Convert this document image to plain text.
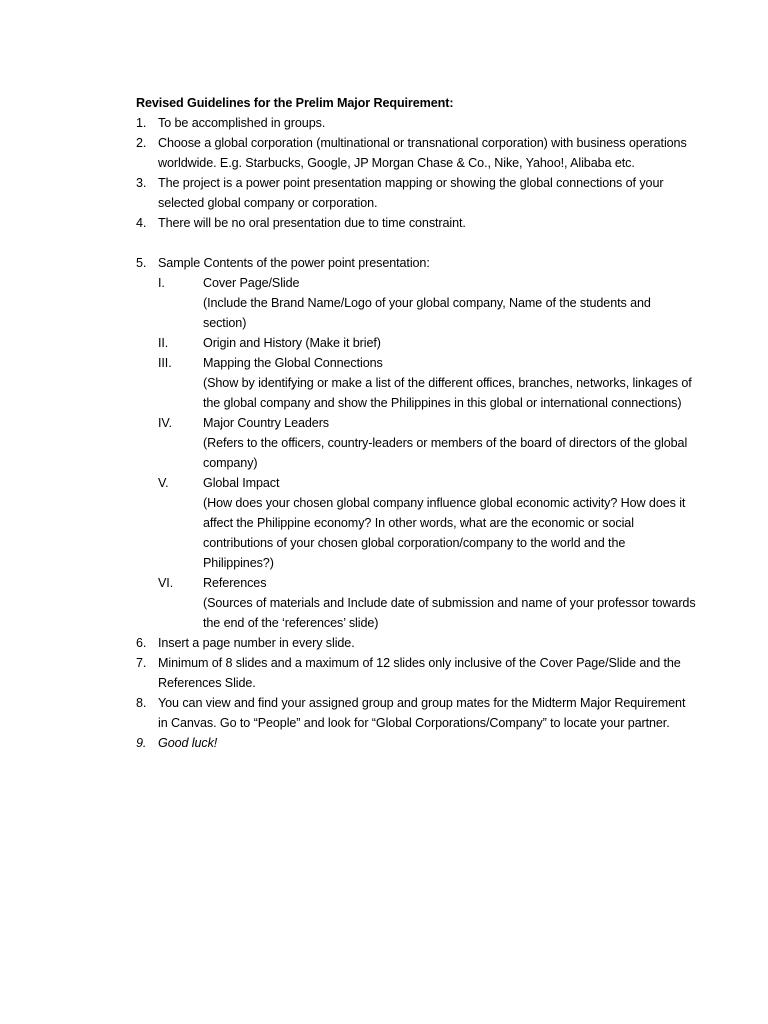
Revised Guidelines for the Prelim Major Requirement:
1. To be accomplished in groups.
2. Choose a global corporation (multinational or transnational corporation) with business operations worldwide. E.g. Starbucks, Google, JP Morgan Chase & Co., Nike, Yahoo!, Alibaba etc.
3. The project is a power point presentation mapping or showing the global connections of your selected global company or corporation.
4. There will be no oral presentation due to time constraint.
5. Sample Contents of the power point presentation:
I.	Cover Page/Slide
(Include the Brand Name/Logo of your global company, Name of the students and section)
II.	Origin and History (Make it brief)
III.	Mapping the Global Connections
(Show by identifying or make a list of the different offices, branches, networks, linkages of the global company and show the Philippines in this global or international connections)
IV.	Major Country Leaders
(Refers to the officers, country-leaders or members of the board of directors of the global company)
V.	Global Impact
(How does your chosen global company influence global economic activity? How does it affect the Philippine economy? In other words, what are the economic or social contributions of your chosen global corporation/company to the world and the Philippines?)
VI.	References
(Sources of materials and Include date of submission and name of your professor towards the end of the ‘references’ slide)
6. Insert a page number in every slide.
7. Minimum of 8 slides and a maximum of 12 slides only inclusive of the Cover Page/Slide and the References Slide.
8. You can view and find your assigned group and group mates for the Midterm Major Requirement in Canvas. Go to “People” and look for “Global Corporations/Company” to locate your partner.
9. Good luck!
